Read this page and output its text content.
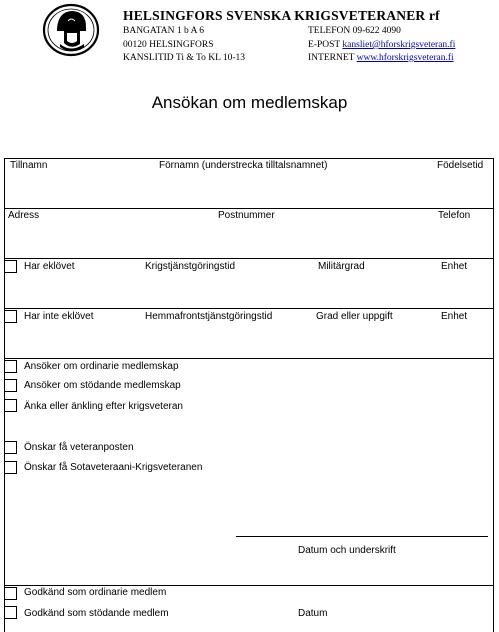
HELSINGFORS SVENSKA KRIGSVETERANER rf
BANGATAN 1 b A 6
00120 HELSINGFORS
KANSLITID Ti & To KL 10-13
TELEFON 09-622 4090
E-POST kansliet@hforskrigsveteran.fi
INTERNET www.hforskrigsveteran.fi
Ansökan om medlemskap
Tillnamn	Förnamn (understrecka tilltalsnamnet)	Födelsetid
Adress	Postnummer	Telefon
Har eklövet	Krigstjänstgöringstid	Militärgrad	Enhet
Har inte eklövet	Hemmafrontstjänstgöringstid	Grad eller uppgift	Enhet
Ansöker om ordinarie medlemskap
Ansöker om stödande medlemskap
Änka eller änkling efter krigsveteran
Önskar få veteranposten
Önskar få Sotaveteraani-Krigsveteranen
Datum och underskrift
Godkänd som ordinarie medlem
Godkänd som stödande medlem	Datum
